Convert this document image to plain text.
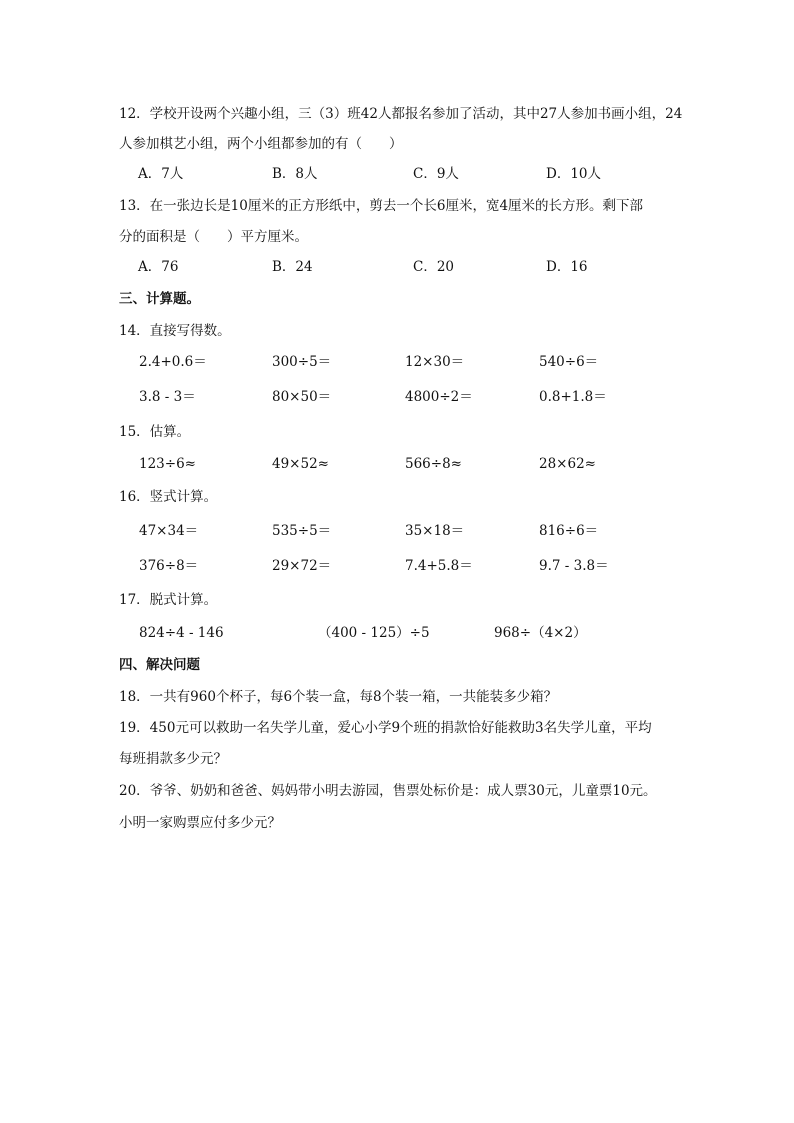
12．学校开设两个兴趣小组，三（3）班42人都报名参加了活动，其中27人参加书画小组，24
人参加棋艺小组，两个小组都参加的有（　　）
A．7人	B．8人	C．9人	D．10人
13．在一张边长是10厘米的正方形纸中，剪去一个长6厘米，宽4厘米的长方形。剩下部
分的面积是（　　）平方厘米。
A．76	B．24	C．20	D．16
三、计算题。
14．直接写得数。
2.4+0.6＝	300÷5＝	12×30＝	540÷6＝
3.8 - 3＝	80×50＝	4800÷2＝	0.8+1.8＝
15．估算。
123÷6≈	49×52≈	566÷8≈	28×62≈
16．竖式计算。
47×34＝	535÷5＝	35×18＝	816÷6＝
376÷8＝	29×72＝	7.4+5.8＝	9.7 - 3.8＝
17．脱式计算。
824÷4 - 146	（400 - 125）÷5	968÷（4×2）
四、解决问题
18．一共有960个杯子，每6个装一盒，每8个装一箱，一共能装多少箱？
19．450元可以救助一名失学儿童，爱心小学9个班的捐款恰好能救助3名失学儿童，平均
每班捐款多少元？
20．爷爷、奶奶和爸爸、妈妈带小明去游园，售票处标价是：成人票30元，儿童票10元。
小明一家购票应付多少元？
